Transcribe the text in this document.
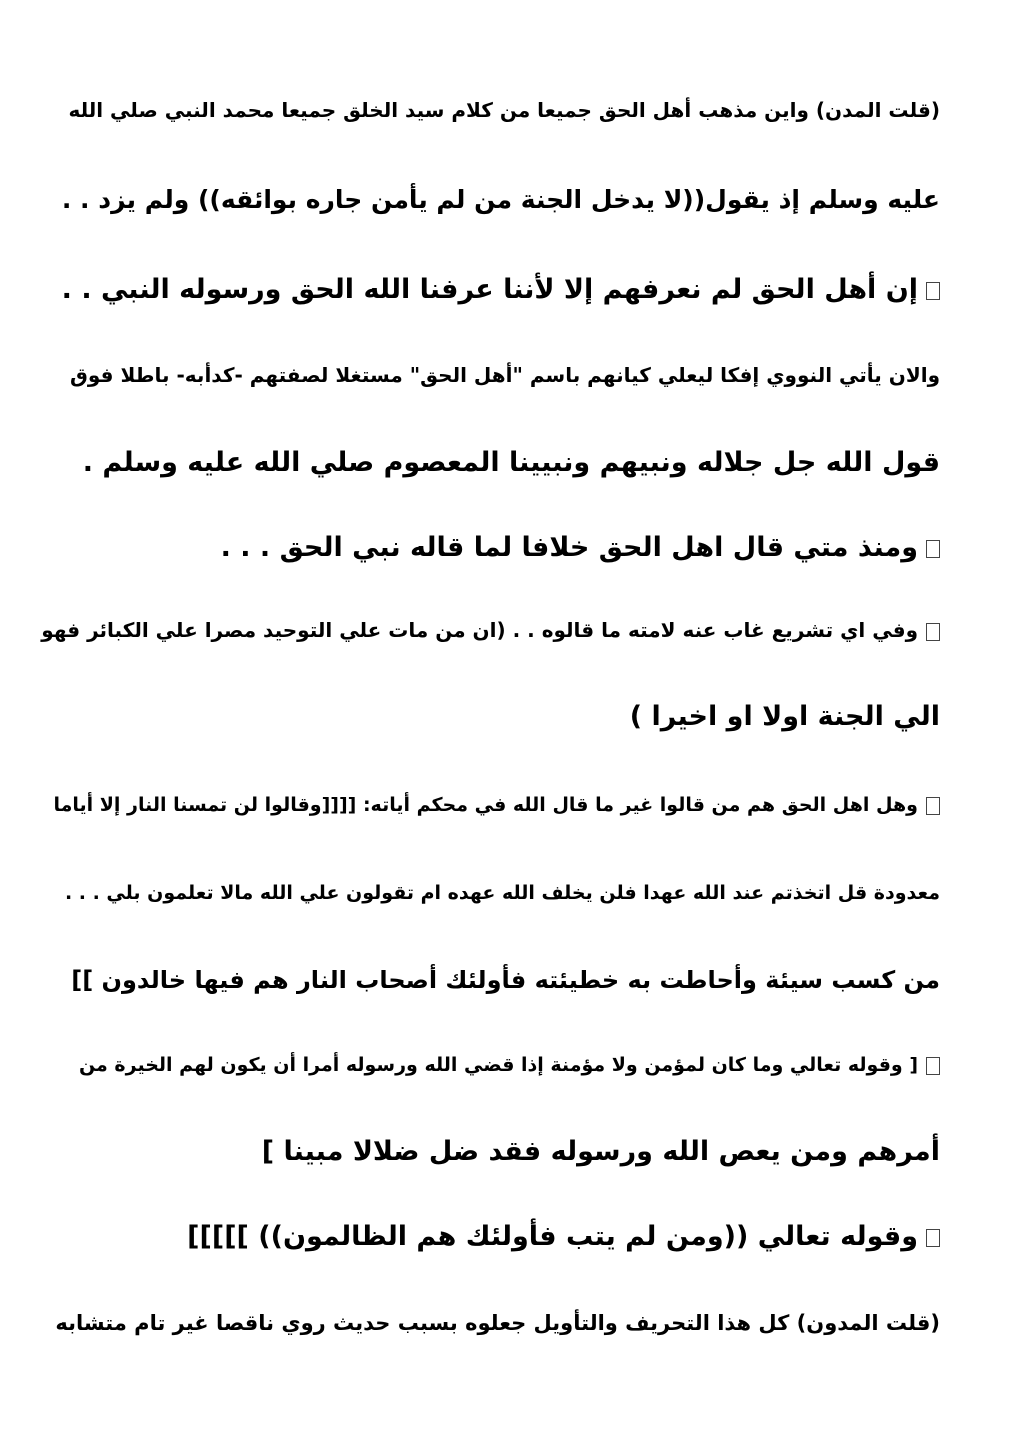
(قلت المدن) واين مذهب أهل الحق جميعا من كلام سيد الخلق جميعا محمد النبي صلي الله
عليه وسلم إذ يقول((لا يدخل الجنة من لم يأمن جاره بوائقه)) ولم يزد . .
إن أهل الحق لم نعرفهم إلا لأننا عرفنا الله الحق ورسوله النبي . .
والان يأتي النووي إفكا ليعلي كيانهم باسم "أهل الحق" مستغلا لصفتهم -كدأبه- باطلا فوق
قول الله جل جلاله ونبيهم ونبيينا المعصوم صلي الله عليه وسلم .
ومنذ متي قال اهل الحق خلافا لما قاله نبي الحق . . .
وفي اي تشريع غاب عنه لامته ما قالوه . . (ان من مات علي التوحيد مصرا علي الكبائر فهو
الي الجنة اولا او اخيرا )
وهل اهل الحق هم من قالوا غير ما قال الله في محكم أياته: [[[[وقالوا لن تمسنا النار إلا أياما
معدودة قل اتخذتم عند الله عهدا فلن يخلف الله عهده ام تقولون علي الله مالا تعلمون بلي . . .
من كسب سيئة وأحاطت به خطيئته فأولئك أصحاب النار هم فيها خالدون ]]
[ وقوله تعالي وما كان لمؤمن ولا مؤمنة إذا قضي الله ورسوله أمرا أن يكون لهم الخيرة من
أمرهم ومن يعص الله ورسوله فقد ضل ضلالا مبينا ]
وقوله تعالي ((ومن لم يتب فأولئك هم الظالمون)) ]]]]]
(قلت المدون) كل هذا التحريف والتأويل جعلوه بسبب حديث روي ناقصا غير تام متشابه
